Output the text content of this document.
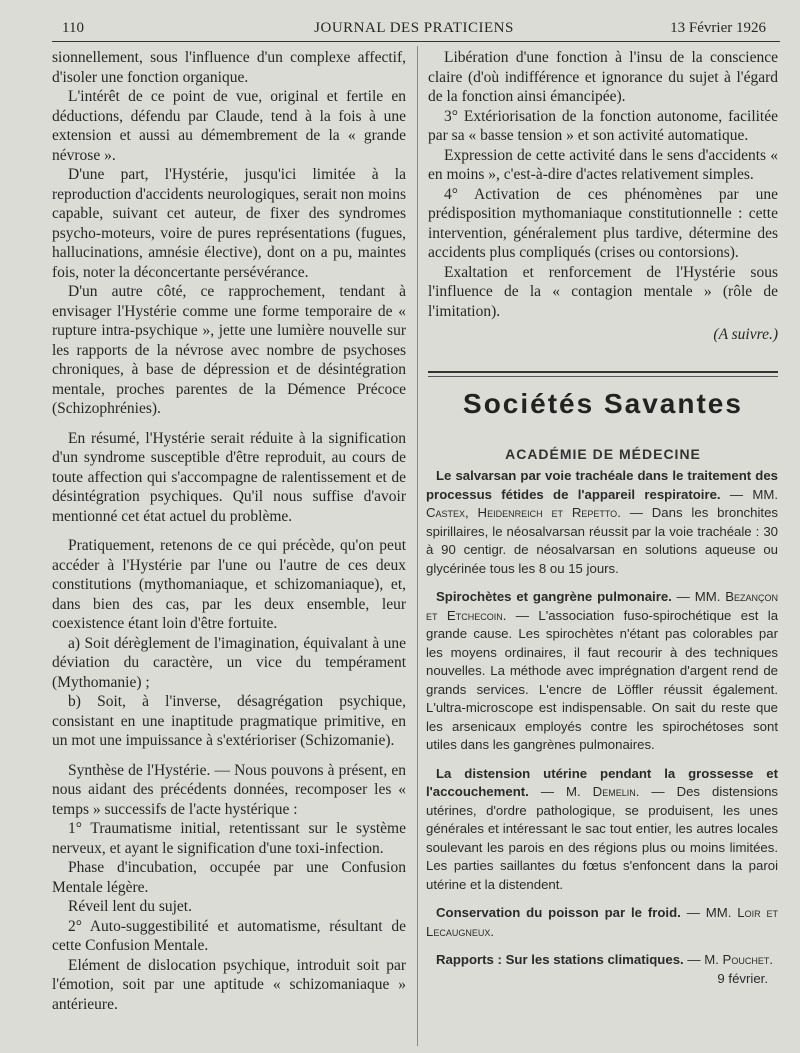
110	JOURNAL DES PRATICIENS	13 Février 1926

sionnellement, sous l'influence d'un complexe affectif, d'isoler une fonction organique.

L'intérêt de ce point de vue, original et fertile en déductions, défendu par Claude, tend à la fois à une extension et aussi au démembrement de la « grande névrose ».

D'une part, l'Hystérie, jusqu'ici limitée à la reproduction d'accidents neurologiques, serait non moins capable, suivant cet auteur, de fixer des syndromes psycho-moteurs, voire de pures représentations (fugues, hallucinations, amnésie élective), dont on a pu, maintes fois, noter la déconcertante persévérance.

D'un autre côté, ce rapprochement, tendant à envisager l'Hystérie comme une forme temporaire de « rupture intra-psychique », jette une lumière nouvelle sur les rapports de la névrose avec nombre de psychoses chroniques, à base de dépression et de désintégration mentale, proches parentes de la Démence Précoce (Schizophrénies).

En résumé, l'Hystérie serait réduite à la signification d'un syndrome susceptible d'être reproduit, au cours de toute affection qui s'accompagne de ralentissement et de désintégration psychiques. Qu'il nous suffise d'avoir mentionné cet état actuel du problème.

Pratiquement, retenons de ce qui précède, qu'on peut accéder à l'Hystérie par l'une ou l'autre de ces deux constitutions (mythomaniaque, et schizomaniaque), et, dans bien des cas, par les deux ensemble, leur coexistence étant loin d'être fortuite.

a) Soit dérèglement de l'imagination, équivalant à une déviation du caractère, un vice du tempérament (Mythomanie) ;

b) Soit, à l'inverse, désagrégation psychique, consistant en une inaptitude pragmatique primitive, en un mot une impuissance à s'extérioriser (Schizomanie).

Synthèse de l'Hystérie. — Nous pouvons à présent, en nous aidant des précédents données, recomposer les « temps » successifs de l'acte hystérique :

1° Traumatisme initial, retentissant sur le système nerveux, et ayant le signification d'une toxi-infection.

Phase d'incubation, occupée par une Confusion Mentale légère.

Réveil lent du sujet.

2° Auto-suggestibilité et automatisme, résultant de cette Confusion Mentale.

Elément de dislocation psychique, introduit soit par l'émotion, soit par une aptitude « schizomaniaque » antérieure.

Libération d'une fonction à l'insu de la conscience claire (d'où indifférence et ignorance du sujet à l'égard de la fonction ainsi émancipée).

3° Extériorisation de la fonction autonome, facilitée par sa « basse tension » et son activité automatique.

Expression de cette activité dans le sens d'accidents « en moins », c'est-à-dire d'actes relativement simples.

4° Activation de ces phénomènes par une prédisposition mythomaniaque constitutionnelle : cette intervention, généralement plus tardive, détermine des accidents plus compliqués (crises ou contorsions).

Exaltation et renforcement de l'Hystérie sous l'influence de la « contagion mentale » (rôle de l'imitation).

(A suivre.)

Sociétés Savantes
ACADÉMIE DE MÉDECINE

Le salvarsan par voie trachéale dans le traitement des processus fétides de l'appareil respiratoire. — MM. Castex, Heidenreich et Repetto. — Dans les bronchites spirillaires, le néosalvarsan réussit par la voie trachéale : 30 à 90 centigr. de néosalvarsan en solutions aqueuse ou glycérinée tous les 8 ou 15 jours.

Spirochètes et gangrène pulmonaire. — MM. Bezançon et Etchecoin. — L'association fuso-spirochétique est la grande cause. Les spirochètes n'étant pas colorables par les moyens ordinaires, il faut recourir à des techniques nouvelles. La méthode avec imprégnation d'argent rend de grands services. L'encre de Löffler réussit également. L'ultra-microscope est indispensable. On sait du reste que les arsenicaux employés contre les spirochétoses sont utiles dans les gangrènes pulmonaires.

La distension utérine pendant la grossesse et l'accouchement. — M. Demelin. — Des distensions utérines, d'ordre pathologique, se produisent, les unes générales et intéressant le sac tout entier, les autres locales soulevant les parois en des régions plus ou moins limitées. Les parties saillantes du fœtus s'enfoncent dans la paroi utérine et la distendent.

Conservation du poisson par le froid. — MM. Loir et Lecaugneux.

Rapports : Sur les stations climatiques. — M. Pouchet.

9 février.
